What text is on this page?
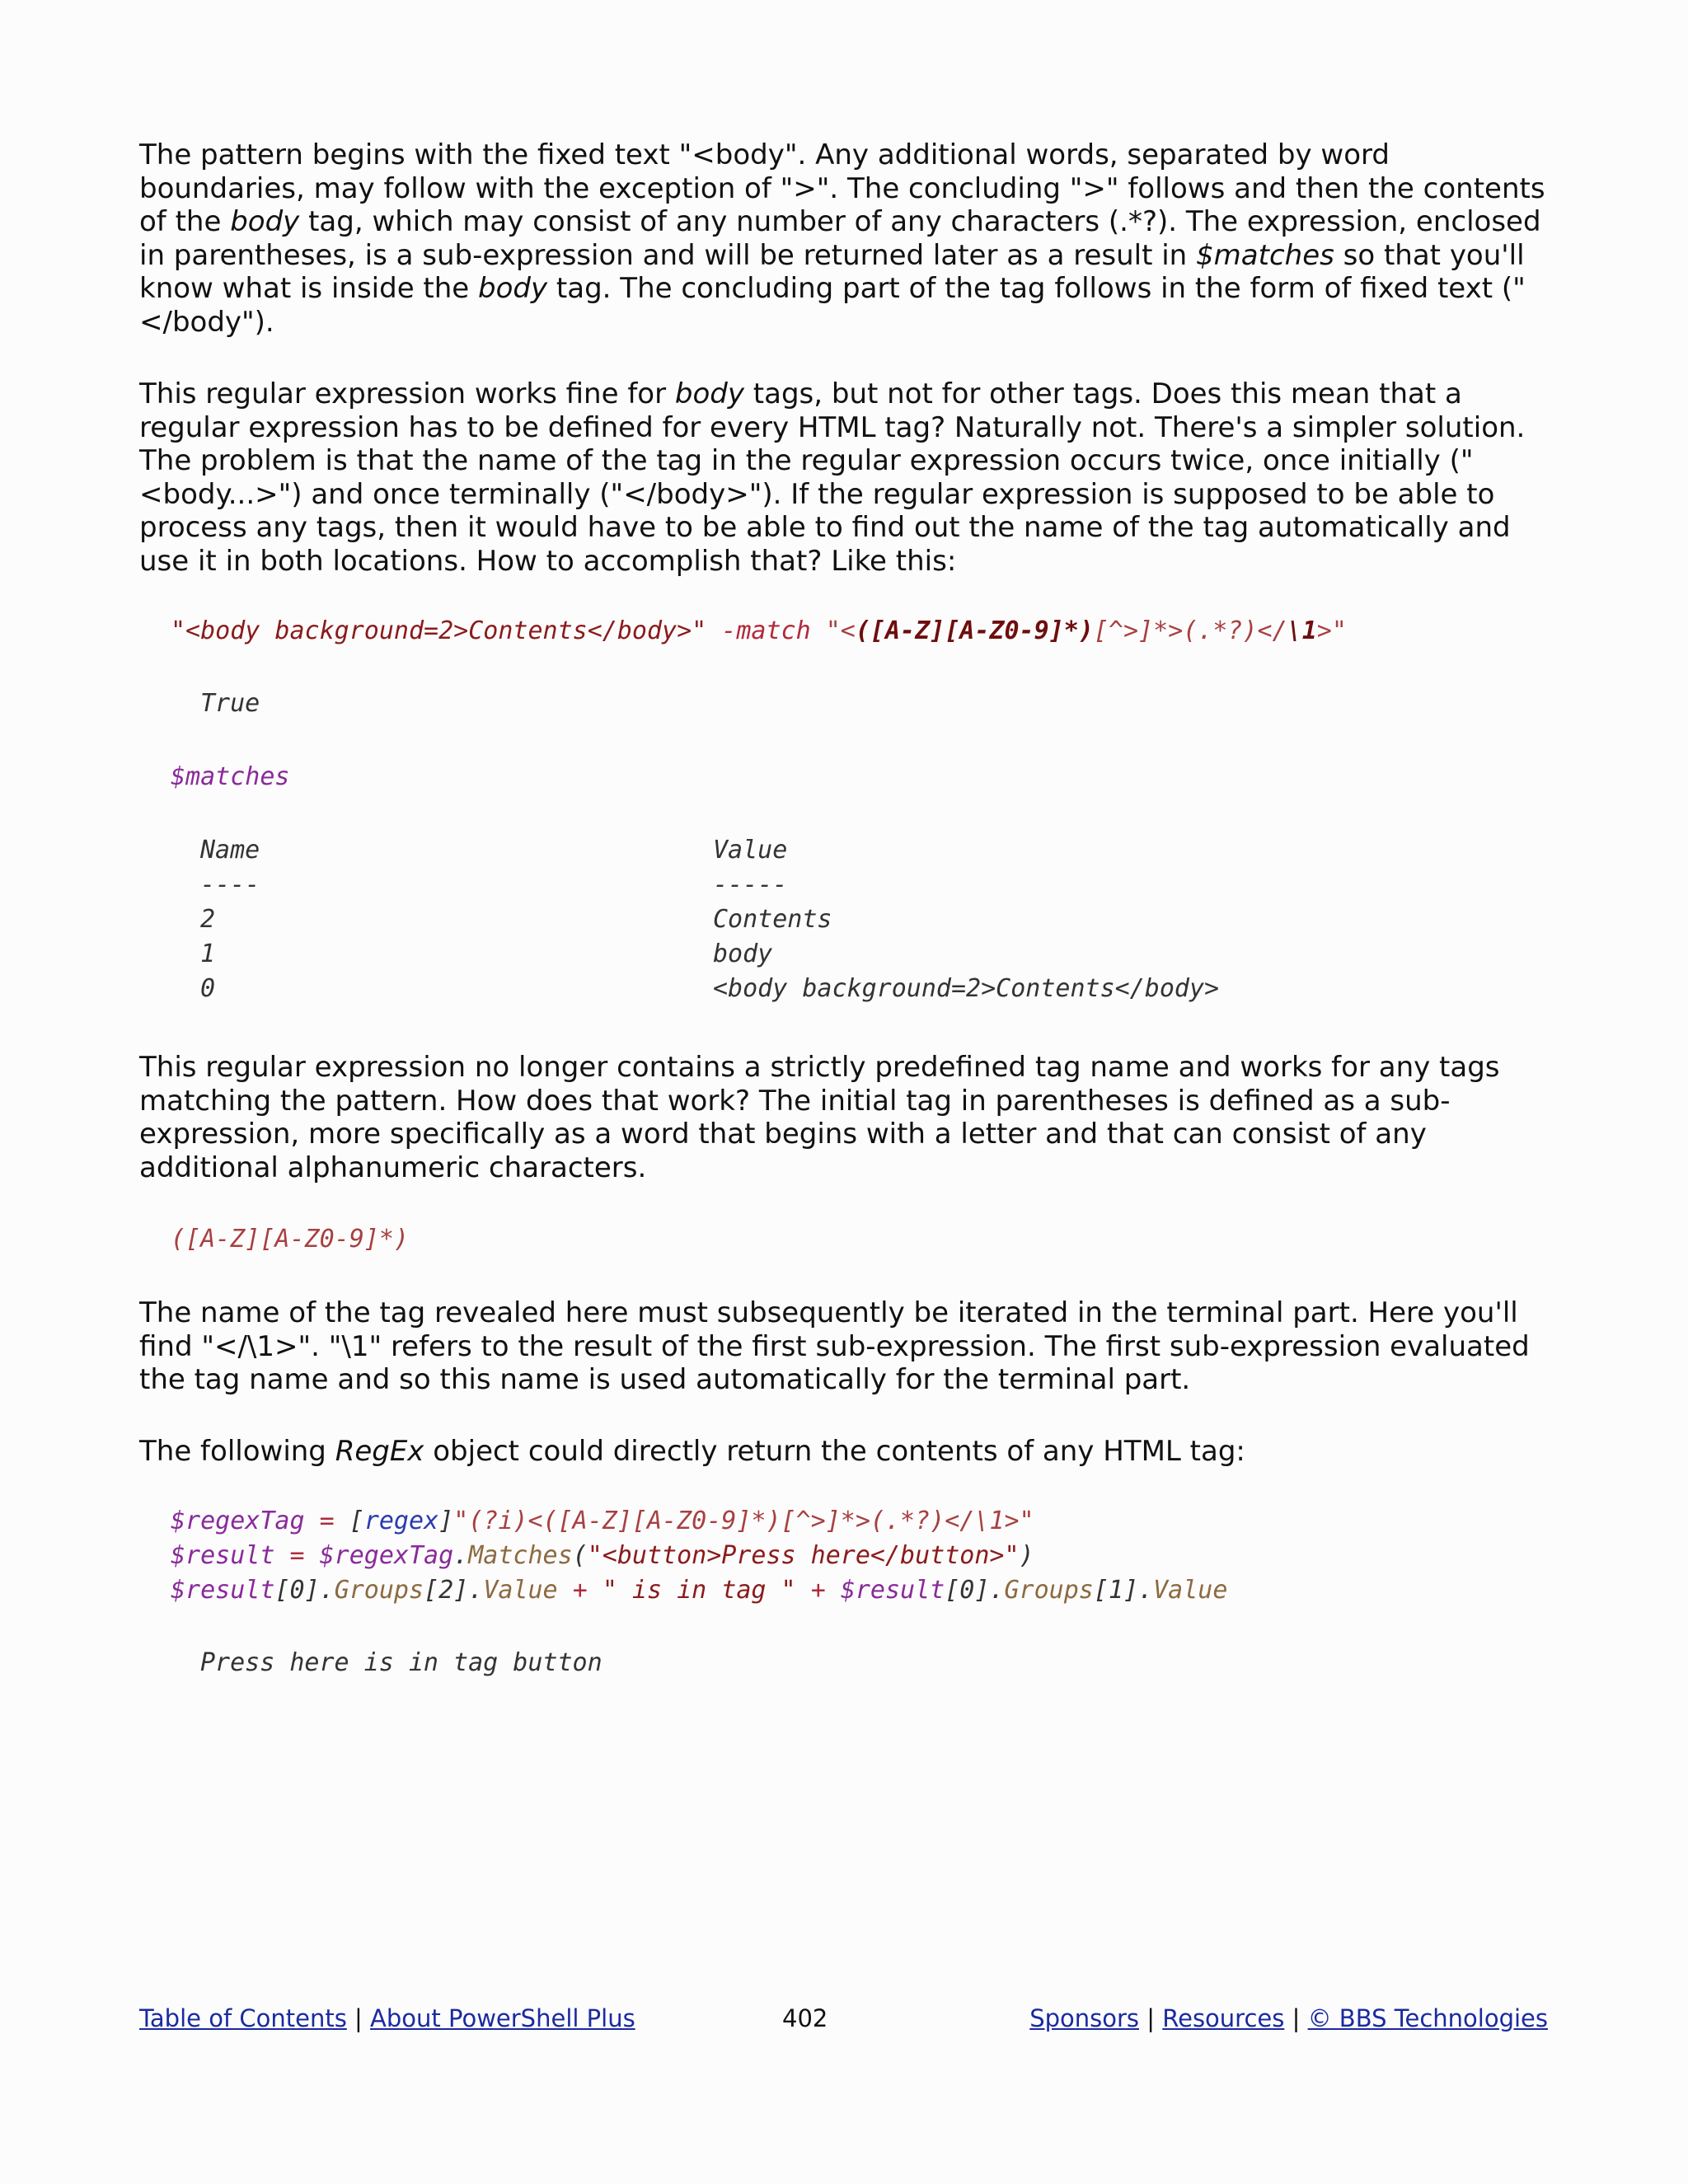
The pattern begins with the fixed text "<body". Any additional words, separated by word boundaries, may follow with the exception of ">". The concluding ">" follows and then the contents of the body tag, which may consist of any number of any characters (.*?). The expression, enclosed in parentheses, is a sub-expression and will be returned later as a result in $matches so that you'll know what is inside the body tag. The concluding part of the tag follows in the form of fixed text ("</body").

This regular expression works fine for body tags, but not for other tags. Does this mean that a regular expression has to be defined for every HTML tag? Naturally not. There's a simpler solution. The problem is that the name of the tag in the regular expression occurs twice, once initially ("<body...>") and once terminally ("</body>"). If the regular expression is supposed to be able to process any tags, then it would have to be able to find out the name of the tag automatically and use it in both locations. How to accomplish that? Like this:

"<body background=2>Contents</body>" -match "<([A-Z][A-Z0-9]*)[^>]*>(.*?)</\1>"
True
$matches
Name	Value
----	-----
2	Contents
1	body
0	<body background=2>Contents</body>

This regular expression no longer contains a strictly predefined tag name and works for any tags matching the pattern. How does that work? The initial tag in parentheses is defined as a sub-expression, more specifically as a word that begins with a letter and that can consist of any additional alphanumeric characters.

([A-Z][A-Z0-9]*)

The name of the tag revealed here must subsequently be iterated in the terminal part. Here you'll find "</\1>". "\1" refers to the result of the first sub-expression. The first sub-expression evaluated the tag name and so this name is used automatically for the terminal part.

The following RegEx object could directly return the contents of any HTML tag:

$regexTag = [regex]"(?i)<([A-Z][A-Z0-9]*)[^>]*>(.*?)</\1>"
$result = $regexTag.Matches("<button>Press here</button>")
$result[0].Groups[2].Value + " is in tag " + $result[0].Groups[1].Value
Press here is in tag button
Table of Contents | About PowerShell Plus	402	Sponsors | Resources | © BBS Technologies
